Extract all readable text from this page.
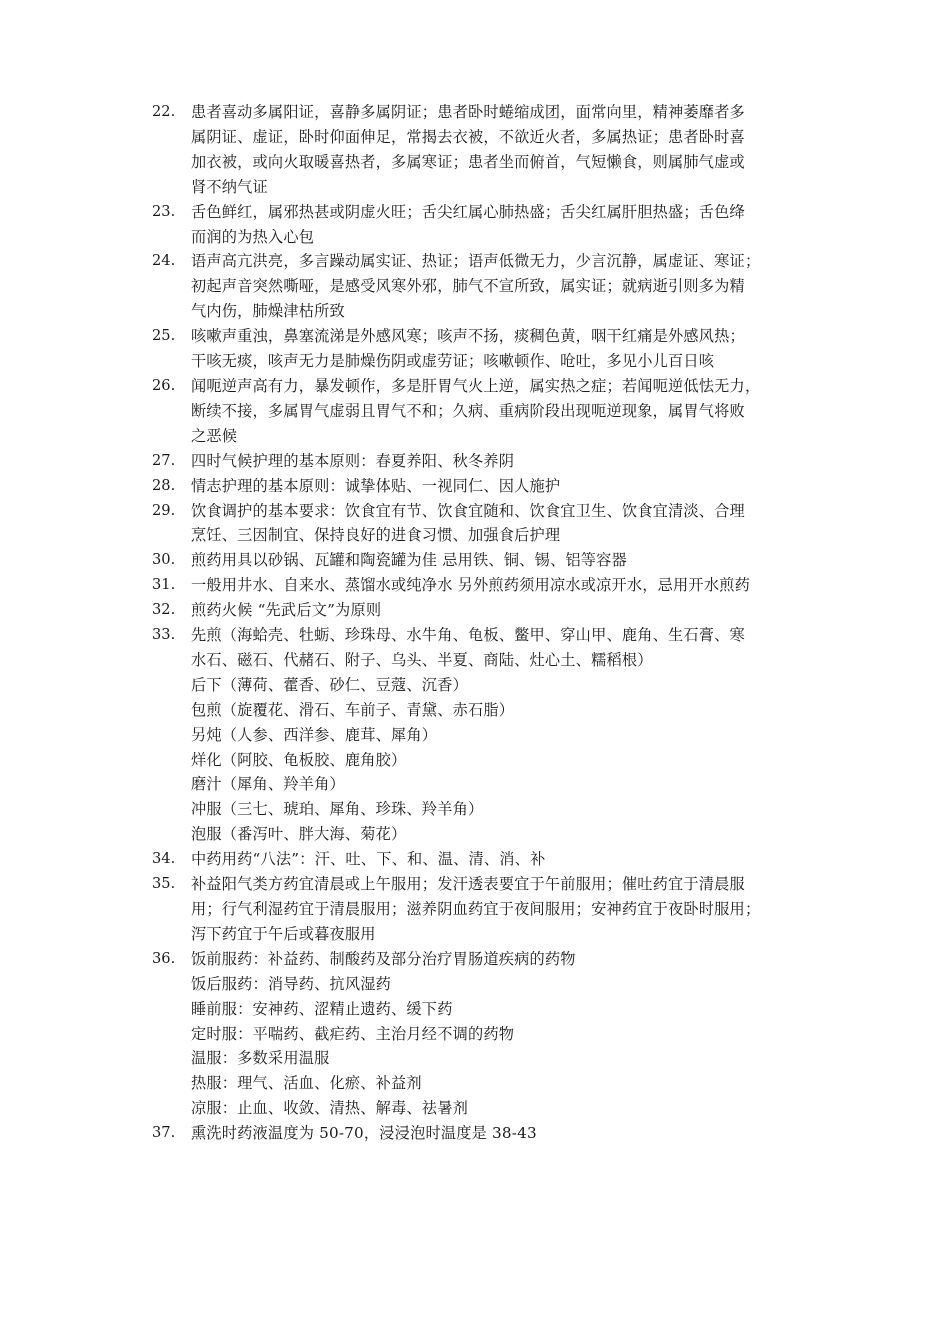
22. 患者喜动多属阳证，喜静多属阴证；患者卧时蜷缩成团，面常向里，精神萎靡者多
属阴证、虚证，卧时仰面伸足，常揭去衣被，不欲近火者，多属热证；患者卧时喜
加衣被，或向火取暖喜热者，多属寒证；患者坐而俯首，气短懒食，则属肺气虚或
肾不纳气证
23. 舌色鲜红，属邪热甚或阴虚火旺；舌尖红属心肺热盛；舌尖红属肝胆热盛；舌色绛
而润的为热入心包
24. 语声高亢洪亮，多言躁动属实证、热证；语声低微无力，少言沉静，属虚证、寒证；
初起声音突然嘶哑，是感受风寒外邪，肺气不宣所致，属实证；就病逝引则多为精
气内伤，肺燥津枯所致
25. 咳嗽声重浊，鼻塞流涕是外感风寒；咳声不扬，痰稠色黄，咽干红痛是外感风热；
干咳无痰，咳声无力是肺燥伤阴或虚劳证；咳嗽顿作、呛吐，多见小儿百日咳
26. 闻呃逆声高有力，暴发顿作，多是肝胃气火上逆，属实热之症；若闻呃逆低怯无力，
断续不接，多属胃气虚弱且胃气不和；久病、重病阶段出现呃逆现象，属胃气将败
之恶候
27. 四时气候护理的基本原则：春夏养阳、秋冬养阴
28. 情志护理的基本原则：诚挚体贴、一视同仁、因人施护
29. 饮食调护的基本要求：饮食宜有节、饮食宜随和、饮食宜卫生、饮食宜清淡、合理
烹饪、三因制宜、保持良好的进食习惯、加强食后护理
30. 煎药用具以砂锅、瓦罐和陶瓷罐为佳 忌用铁、铜、锡、铝等容器
31. 一般用井水、自来水、蒸馏水或纯净水 另外煎药须用凉水或凉开水，忌用开水煎药
32. 煎药火候 “先武后文”为原则
33. 先煎（海蛤壳、牡蛎、珍珠母、水牛角、龟板、鳖甲、穿山甲、鹿角、生石膏、寒
水石、磁石、代赭石、附子、乌头、半夏、商陆、灶心土、糯稻根）
后下（薄荷、藿香、砂仁、豆蔻、沉香）
包煎（旋覆花、滑石、车前子、青黛、赤石脂）
另炖（人参、西洋参、鹿茸、犀角）
烊化（阿胶、龟板胶、鹿角胶）
磨汁（犀角、羚羊角）
冲服（三七、琥珀、犀角、珍珠、羚羊角）
泡服（番泻叶、胖大海、菊花）
34. 中药用药“八法”：汗、吐、下、和、温、清、消、补
35. 补益阳气类方药宜清晨或上午服用；发汗透表要宜于午前服用；催吐药宜于清晨服
用；行气利湿药宜于清晨服用；滋养阴血药宜于夜间服用；安神药宜于夜卧时服用；
泻下药宜于午后或暮夜服用
36. 饭前服药：补益药、制酸药及部分治疗胃肠道疾病的药物
饭后服药：消导药、抗风湿药
睡前服：安神药、涩精止遗药、缓下药
定时服：平喘药、截疟药、主治月经不调的药物
温服：多数采用温服
热服：理气、活血、化瘀、补益剂
凉服：止血、收敛、清热、解毒、祛暑剂
37. 熏洗时药液温度为 50-70，浸浸泡时温度是 38-43
